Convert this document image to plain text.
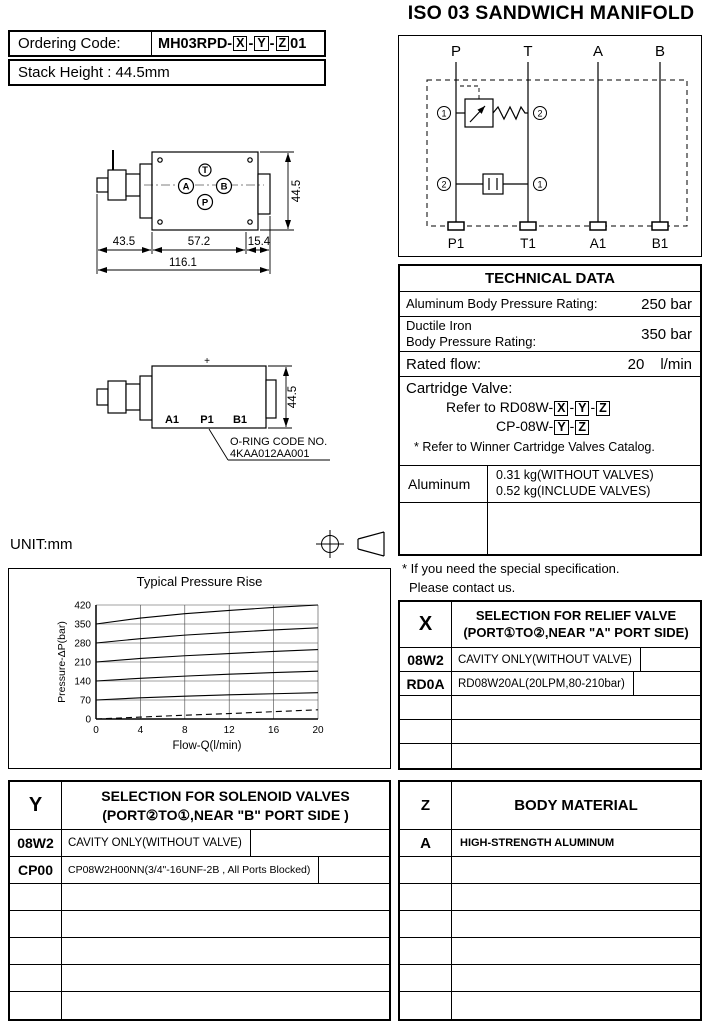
ISO 03 SANDWICH MANIFOLD
Ordering Code:	MH03RPD- X - Y - Z 01
Stack Height : 44.5mm
T
A	B
P
44.5
43.5	57.2	15.4
116.1
+
A1 P1 B1
44.5
O-RING CODE NO.
4KAA012AA001
UNIT:mm
P	T	A	B
P1	T1	A1	B1
1	2
2	1
TECHNICAL DATA
Aluminum Body Pressure Rating:	250 bar
Ductile Iron
Body Pressure Rating:	350 bar
Rated flow:	20 l/min
Cartridge Valve:
Refer to RD08W- X - Y - Z
CP-08W- Y - Z
* Refer to Winner Cartridge Valves Catalog.
Aluminum
0.31 kg(WITHOUT VALVES)
0.52 kg(INCLUDE VALVES)
* If you need the special specification.
Please contact us.
Typical Pressure Rise
0	4	8	12	16	20
0
70
140
210
280
350
420
Flow-Q(l/min)
Pressure-ΔP(bar)	X	SELECTION FOR RELIEF VALVE
(PORT①TO②,NEAR "A" PORT SIDE)
08W2	CAVITY ONLY(WITHOUT VALVE)
RD0A	RD08W20AL(20LPM,80-210bar)
Y	SELECTION FOR SOLENOID VALVES
(PORT②TO①,NEAR "B" PORT SIDE )
08W2	CAVITY ONLY(WITHOUT VALVE)
CP00	CP08W2H00NN(3/4"-16UNF-2B , All Ports Blocked)
Z	BODY MATERIAL
A	HIGH-STRENGTH ALUMINUM
